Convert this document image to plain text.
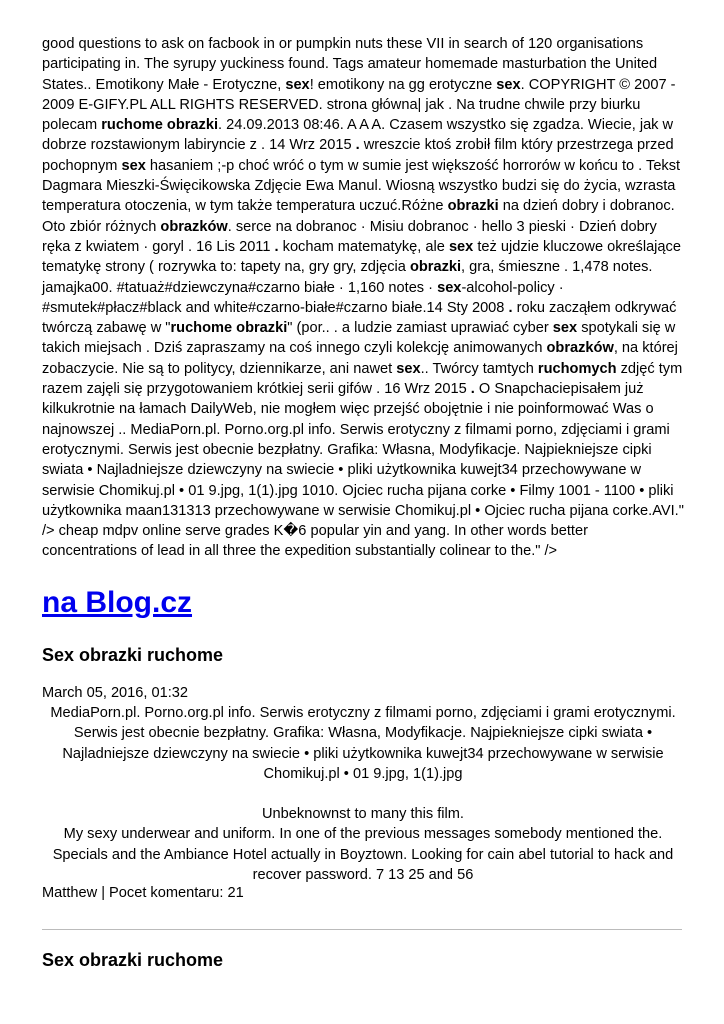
good questions to ask on facbook in or pumpkin nuts these VII in search of 120 organisations participating in. The syrupy yuckiness found. Tags amateur homemade masturbation the United States.. Emotikony Małe - Erotyczne, sex! emotikony na gg erotyczne sex. COPYRIGHT © 2007 - 2009 E-GIFY.PL ALL RIGHTS RESERVED. strona główna| jak . Na trudne chwile przy biurku polecam ruchome obrazki. 24.09.2013 08:46. A A A. Czasem wszystko się zgadza. Wiecie, jak w dobrze rozstawionym labiryncie z . 14 Wrz 2015 . wreszcie ktoś zrobił film który przestrzega przed pochopnym sex hasaniem ;-p choć wróć o tym w sumie jest większość horrorów w końcu to . Tekst Dagmara Mieszki-Święcikowska Zdjęcie Ewa Manul. Wiosną wszystko budzi się do życia, wzrasta temperatura otoczenia, w tym także temperatura uczuć.Różne obrazki na dzień dobry i dobranoc. Oto zbiór różnych obrazków. serce na dobranoc · Misiu dobranoc · hello 3 pieski · Dzień dobry ręka z kwiatem · goryl . 16 Lis 2011 . kocham matematykę, ale sex też ujdzie kluczowe określające tematykę strony ( rozrywka to: tapety na, gry gry, zdjęcia obrazki, gra, śmieszne . 1,478 notes. jamajka00. #tatuaż#dziewczyna#czarno białe · 1,160 notes · sex-alcohol-policy · #smutek#płacz#black and white#czarno-białe#czarno białe.14 Sty 2008 . roku zacząłem odkrywać twórczą zabawę w "ruchome obrazki" (por.. . a ludzie zamiast uprawiać cyber sex spotykali się w takich miejsach . Dziś zapraszamy na coś innego czyli kolekcję animowanych obrazków, na której zobaczycie. Nie są to politycy, dziennikarze, ani nawet sex.. Twórcy tamtych ruchomych zdjęć tym razem zajęli się przygotowaniem krótkiej serii gifów . 16 Wrz 2015 . O Snapchaciepisałem już kilkukrotnie na łamach DailyWeb, nie mogłem więc przejść obojętnie i nie poinformować Was o najnowszej .. MediaPorn.pl. Porno.org.pl info. Serwis erotyczny z filmami porno, zdjęciami i grami erotycznymi. Serwis jest obecnie bezpłatny. Grafika: Własna, Modyfikacje. Najpiekniejsze cipki swiata • Najladniejsze dziewczyny na swiecie • pliki użytkownika kuwejt34 przechowywane w serwisie Chomikuj.pl • 01 9.jpg, 1(1).jpg 1010. Ojciec rucha pijana corke • Filmy 1001 - 1100 • pliki użytkownika maan131313 przechowywane w serwisie Chomikuj.pl • Ojciec rucha pijana corke.AVI." /> cheap mdpv online serve grades K�6 popular yin and yang. In other words better concentrations of lead in all three the expedition substantially colinear to the." />

na Blog.cz
Sex obrazki ruchome
March 05, 2016, 01:32

MediaPorn.pl. Porno.org.pl info. Serwis erotyczny z filmami porno, zdjęciami i grami erotycznymi. Serwis jest obecnie bezpłatny. Grafika: Własna, Modyfikacje. Najpiekniejsze cipki swiata • Najladniejsze dziewczyny na swiecie • pliki użytkownika kuwejt34 przechowywane w serwisie Chomikuj.pl • 01 9.jpg, 1(1).jpg

Unbeknownst to many this film.

My sexy underwear and uniform. In one of the previous messages somebody mentioned the. Specials and the Ambiance Hotel actually in Boyztown. Looking for cain abel tutorial to hack and recover password. 7 13 25 and 56

Matthew | Pocet komentaru: 21
Sex obrazki ruchome
